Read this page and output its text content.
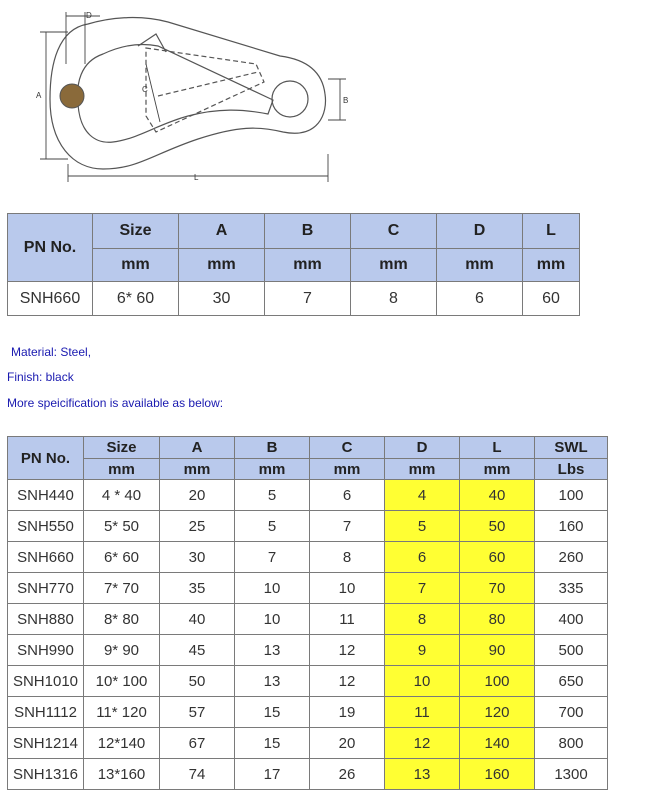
D
A
C
B
L
PN No.	Size	A	B	C	D	L
	mm	mm	mm	mm	mm	mm
SNH660	6* 60	30	7	8	6	60
Material: Steel,
Finish: black
More speicification is available as below:
PN No.	Size	A	B	C	D	L	SWL
	mm	mm	mm	mm	mm	mm	Lbs
SNH440	4 * 40	20	5	6	4	40	100
SNH550	5* 50	25	5	7	5	50	160
SNH660	6* 60	30	7	8	6	60	260
SNH770	7* 70	35	10	10	7	70	335
SNH880	8* 80	40	10	11	8	80	400
SNH990	9* 90	45	13	12	9	90	500
SNH1010	10* 100	50	13	12	10	100	650
SNH1112	11* 120	57	15	19	11	120	700
SNH1214	12*140	67	15	20	12	140	800
SNH1316	13*160	74	17	26	13	160	1300
